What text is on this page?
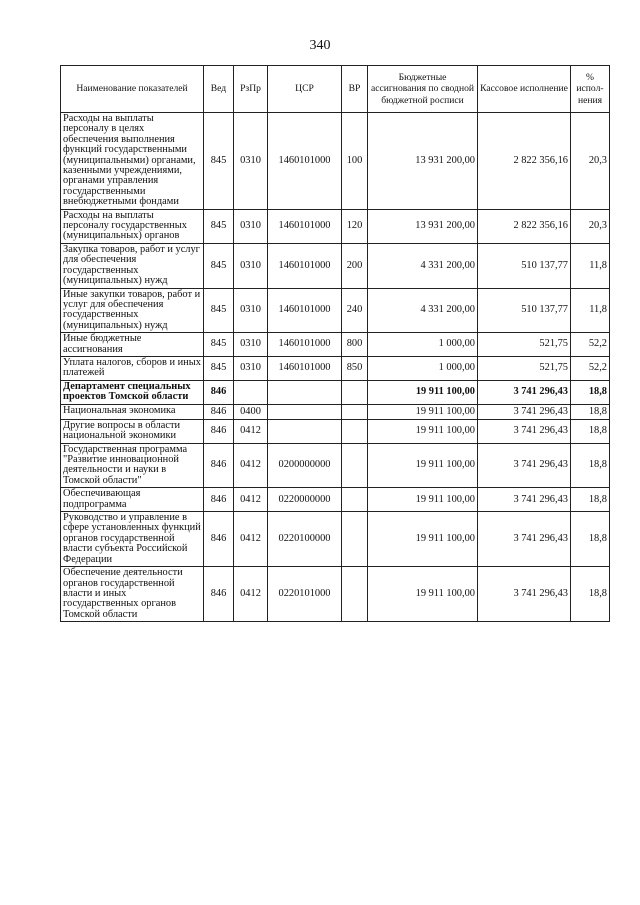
340
Наименование показателей	Вед	РзПр	ЦСР	ВР	Бюджетные ассигнования по сводной бюджетной росписи	Кассовое исполнение	% испол-нения
Расходы на выплаты персоналу в целях обеспечения выполнения функций государственными (муниципальными) органами, казенными учреждениями, органами управления государственными внебюджетными фондами	845	0310	1460101000	100	13 931 200,00	2 822 356,16	20,3
Расходы на выплаты персоналу государственных (муниципальных) органов	845	0310	1460101000	120	13 931 200,00	2 822 356,16	20,3
Закупка товаров, работ и услуг для обеспечения государственных (муниципальных) нужд	845	0310	1460101000	200	4 331 200,00	510 137,77	11,8
Иные закупки товаров, работ и услуг для обеспечения государственных (муниципальных) нужд	845	0310	1460101000	240	4 331 200,00	510 137,77	11,8
Иные бюджетные ассигнования	845	0310	1460101000	800	1 000,00	521,75	52,2
Уплата налогов, сборов и иных платежей	845	0310	1460101000	850	1 000,00	521,75	52,2
Департамент специальных проектов Томской области	846				19 911 100,00	3 741 296,43	18,8
Национальная экономика	846	0400			19 911 100,00	3 741 296,43	18,8
Другие вопросы в области национальной экономики	846	0412			19 911 100,00	3 741 296,43	18,8
Государственная программа "Развитие инновационной деятельности и науки в Томской области"	846	0412	0200000000		19 911 100,00	3 741 296,43	18,8
Обеспечивающая подпрограмма	846	0412	0220000000		19 911 100,00	3 741 296,43	18,8
Руководство и управление в сфере установленных функций органов государственной власти субъекта Российской Федерации	846	0412	0220100000		19 911 100,00	3 741 296,43	18,8
Обеспечение деятельности органов государственной власти и иных государственных органов Томской области	846	0412	0220101000		19 911 100,00	3 741 296,43	18,8
